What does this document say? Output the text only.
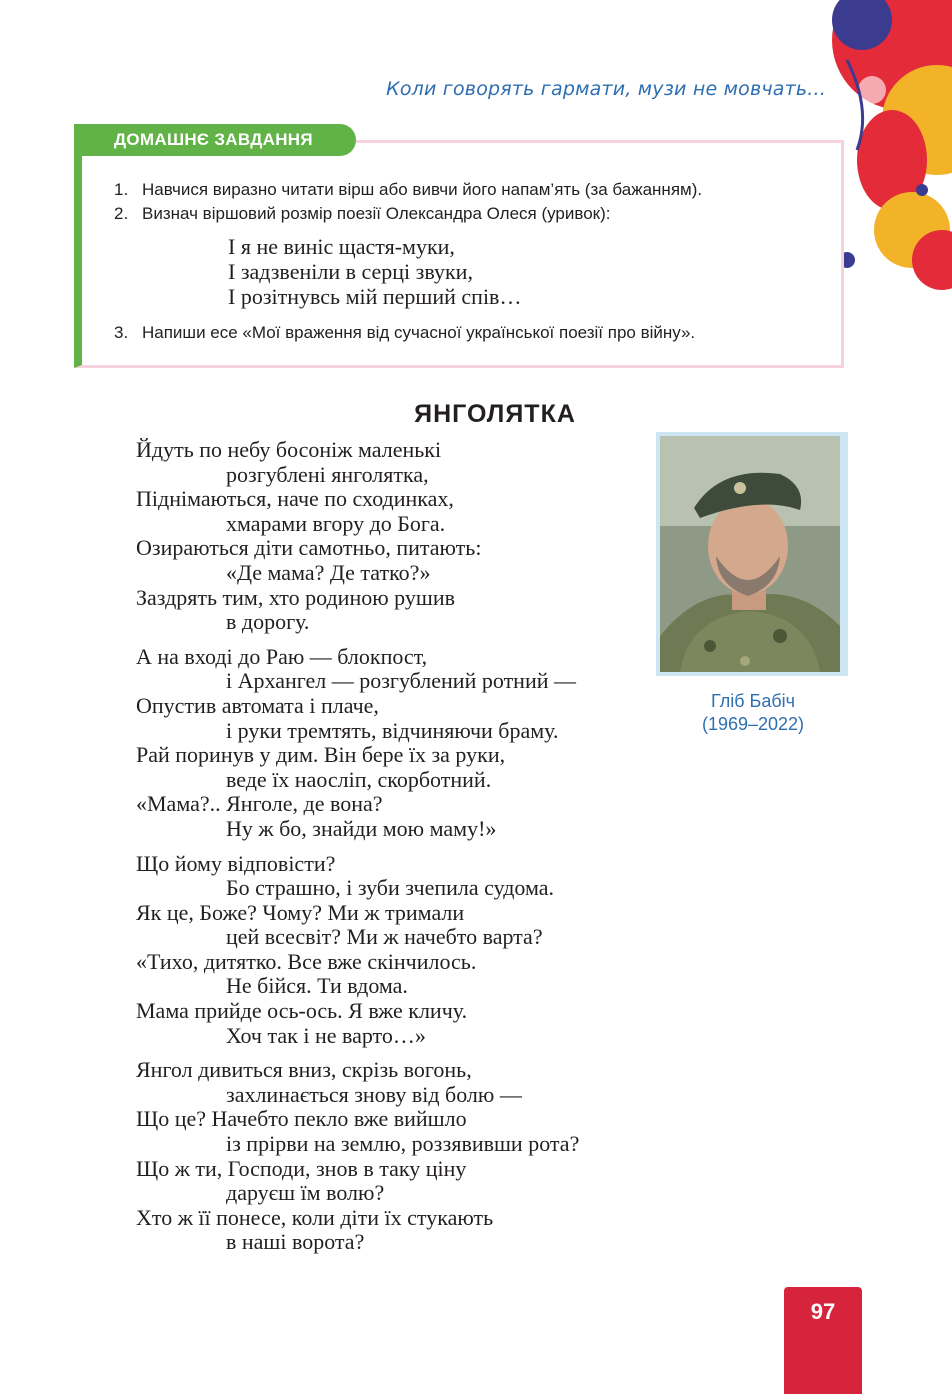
Коли говорять гармати, музи не мовчать...
ДОМАШНЄ ЗАВДАННЯ
1. Навчися виразно читати вірш або вивчи його напам’ять (за бажанням).
2. Визнач віршовий розмір поезії Олександра Олеся (уривок):
І я не виніс щастя-муки,
І задзвеніли в серці звуки,
І розітнувсь мій перший спів…
3. Напиши есе «Мої враження від сучасної української поезії про війну».
ЯНГОЛЯТКА
Йдуть по небу босоніж маленькі
розгублені янголятка,
Піднімаються, наче по сходинках,
хмарами вгору до Бога.
Озираються діти самотньо, питають:
«Де мама? Де татко?»
Заздрять тим, хто родиною рушив
в дорогу.
А на вході до Раю — блокпост,
і Архангел — розгублений ротний —
Опустив автомата і плаче,
і руки тремтять, відчиняючи браму.
Рай поринув у дим. Він бере їх за руки,
веде їх наосліп, скорботний.
«Мама?.. Янголе, де вона?
Ну ж бо, знайди мою маму!»
Що йому відповісти?
Бо страшно, і зуби зчепила судома.
Як це, Боже? Чому? Ми ж тримали
цей всесвіт? Ми ж начебто варта?
«Тихо, дитятко. Все вже скінчилось.
Не бійся. Ти вдома.
Мама прийде ось-ось. Я вже кличу.
Хоч так і не варто…»
Янгол дивиться вниз, скрізь вогонь,
захлинається знову від болю —
Що це? Начебто пекло вже вийшло
із прірви на землю, роззявивши рота?
Що ж ти, Господи, знов в таку ціну
даруєш їм волю?
Хто ж її понесе, коли діти їх стукають
в наші ворота?
Гліб Бабіч
(1969–2022)
97
